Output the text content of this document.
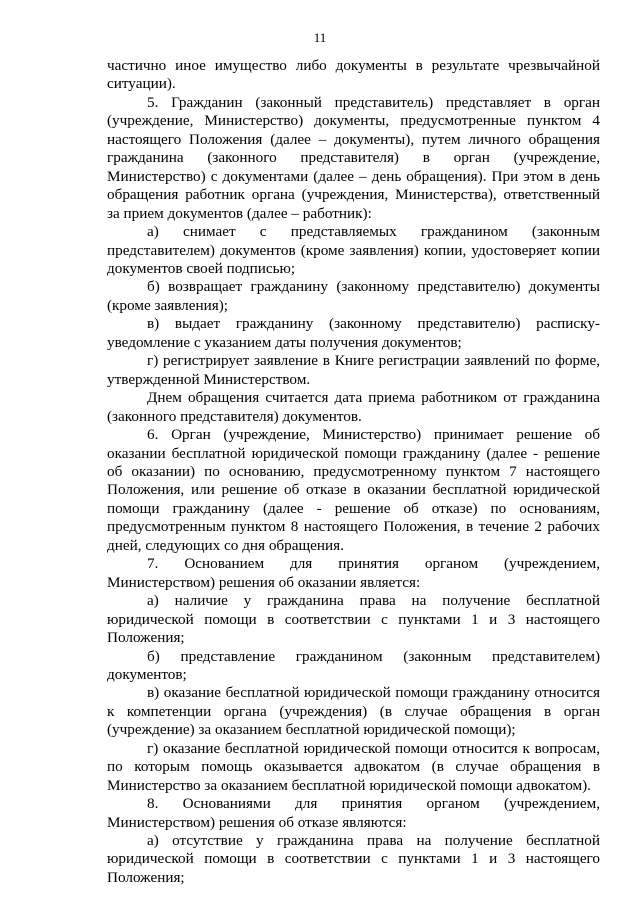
11

частично иное имущество либо документы в результате чрезвычайной ситуации).

5. Гражданин (законный представитель) представляет в орган (учреждение, Министерство) документы, предусмотренные пунктом 4 настоящего Положения (далее – документы), путем личного обращения гражданина (законного представителя) в орган (учреждение, Министерство) с документами (далее – день обращения). При этом в день обращения работник органа (учреждения, Министерства), ответственный за прием документов (далее – работник):

а) снимает с представляемых гражданином (законным представителем) документов (кроме заявления) копии, удостоверяет копии документов своей подписью;

б) возвращает гражданину (законному представителю) документы (кроме заявления);

в) выдает гражданину (законному представителю) расписку-уведомление с указанием даты получения документов;

г) регистрирует заявление в Книге регистрации заявлений по форме, утвержденной Министерством.

Днем обращения считается дата приема работником от гражданина (законного представителя) документов.

6. Орган (учреждение, Министерство) принимает решение об оказании бесплатной юридической помощи гражданину (далее - решение об оказании) по основанию, предусмотренному пунктом 7 настоящего Положения, или решение об отказе в оказании бесплатной юридической помощи гражданину (далее - решение об отказе) по основаниям, предусмотренным пунктом 8 настоящего Положения, в течение 2 рабочих дней, следующих со дня обращения.

7. Основанием для принятия органом (учреждением, Министерством) решения об оказании является:

а) наличие у гражданина права на получение бесплатной юридической помощи в соответствии с пунктами 1 и 3 настоящего Положения;

б) представление гражданином (законным представителем) документов;

в) оказание бесплатной юридической помощи гражданину относится к компетенции органа (учреждения) (в случае обращения в орган (учреждение) за оказанием бесплатной юридической помощи);

г) оказание бесплатной юридической помощи относится к вопросам, по которым помощь оказывается адвокатом (в случае обращения в Министерство за оказанием бесплатной юридической помощи адвокатом).

8. Основаниями для принятия органом (учреждением, Министерством) решения об отказе являются:

а) отсутствие у гражданина права на получение бесплатной юридической помощи в соответствии с пунктами 1 и 3 настоящего Положения;
